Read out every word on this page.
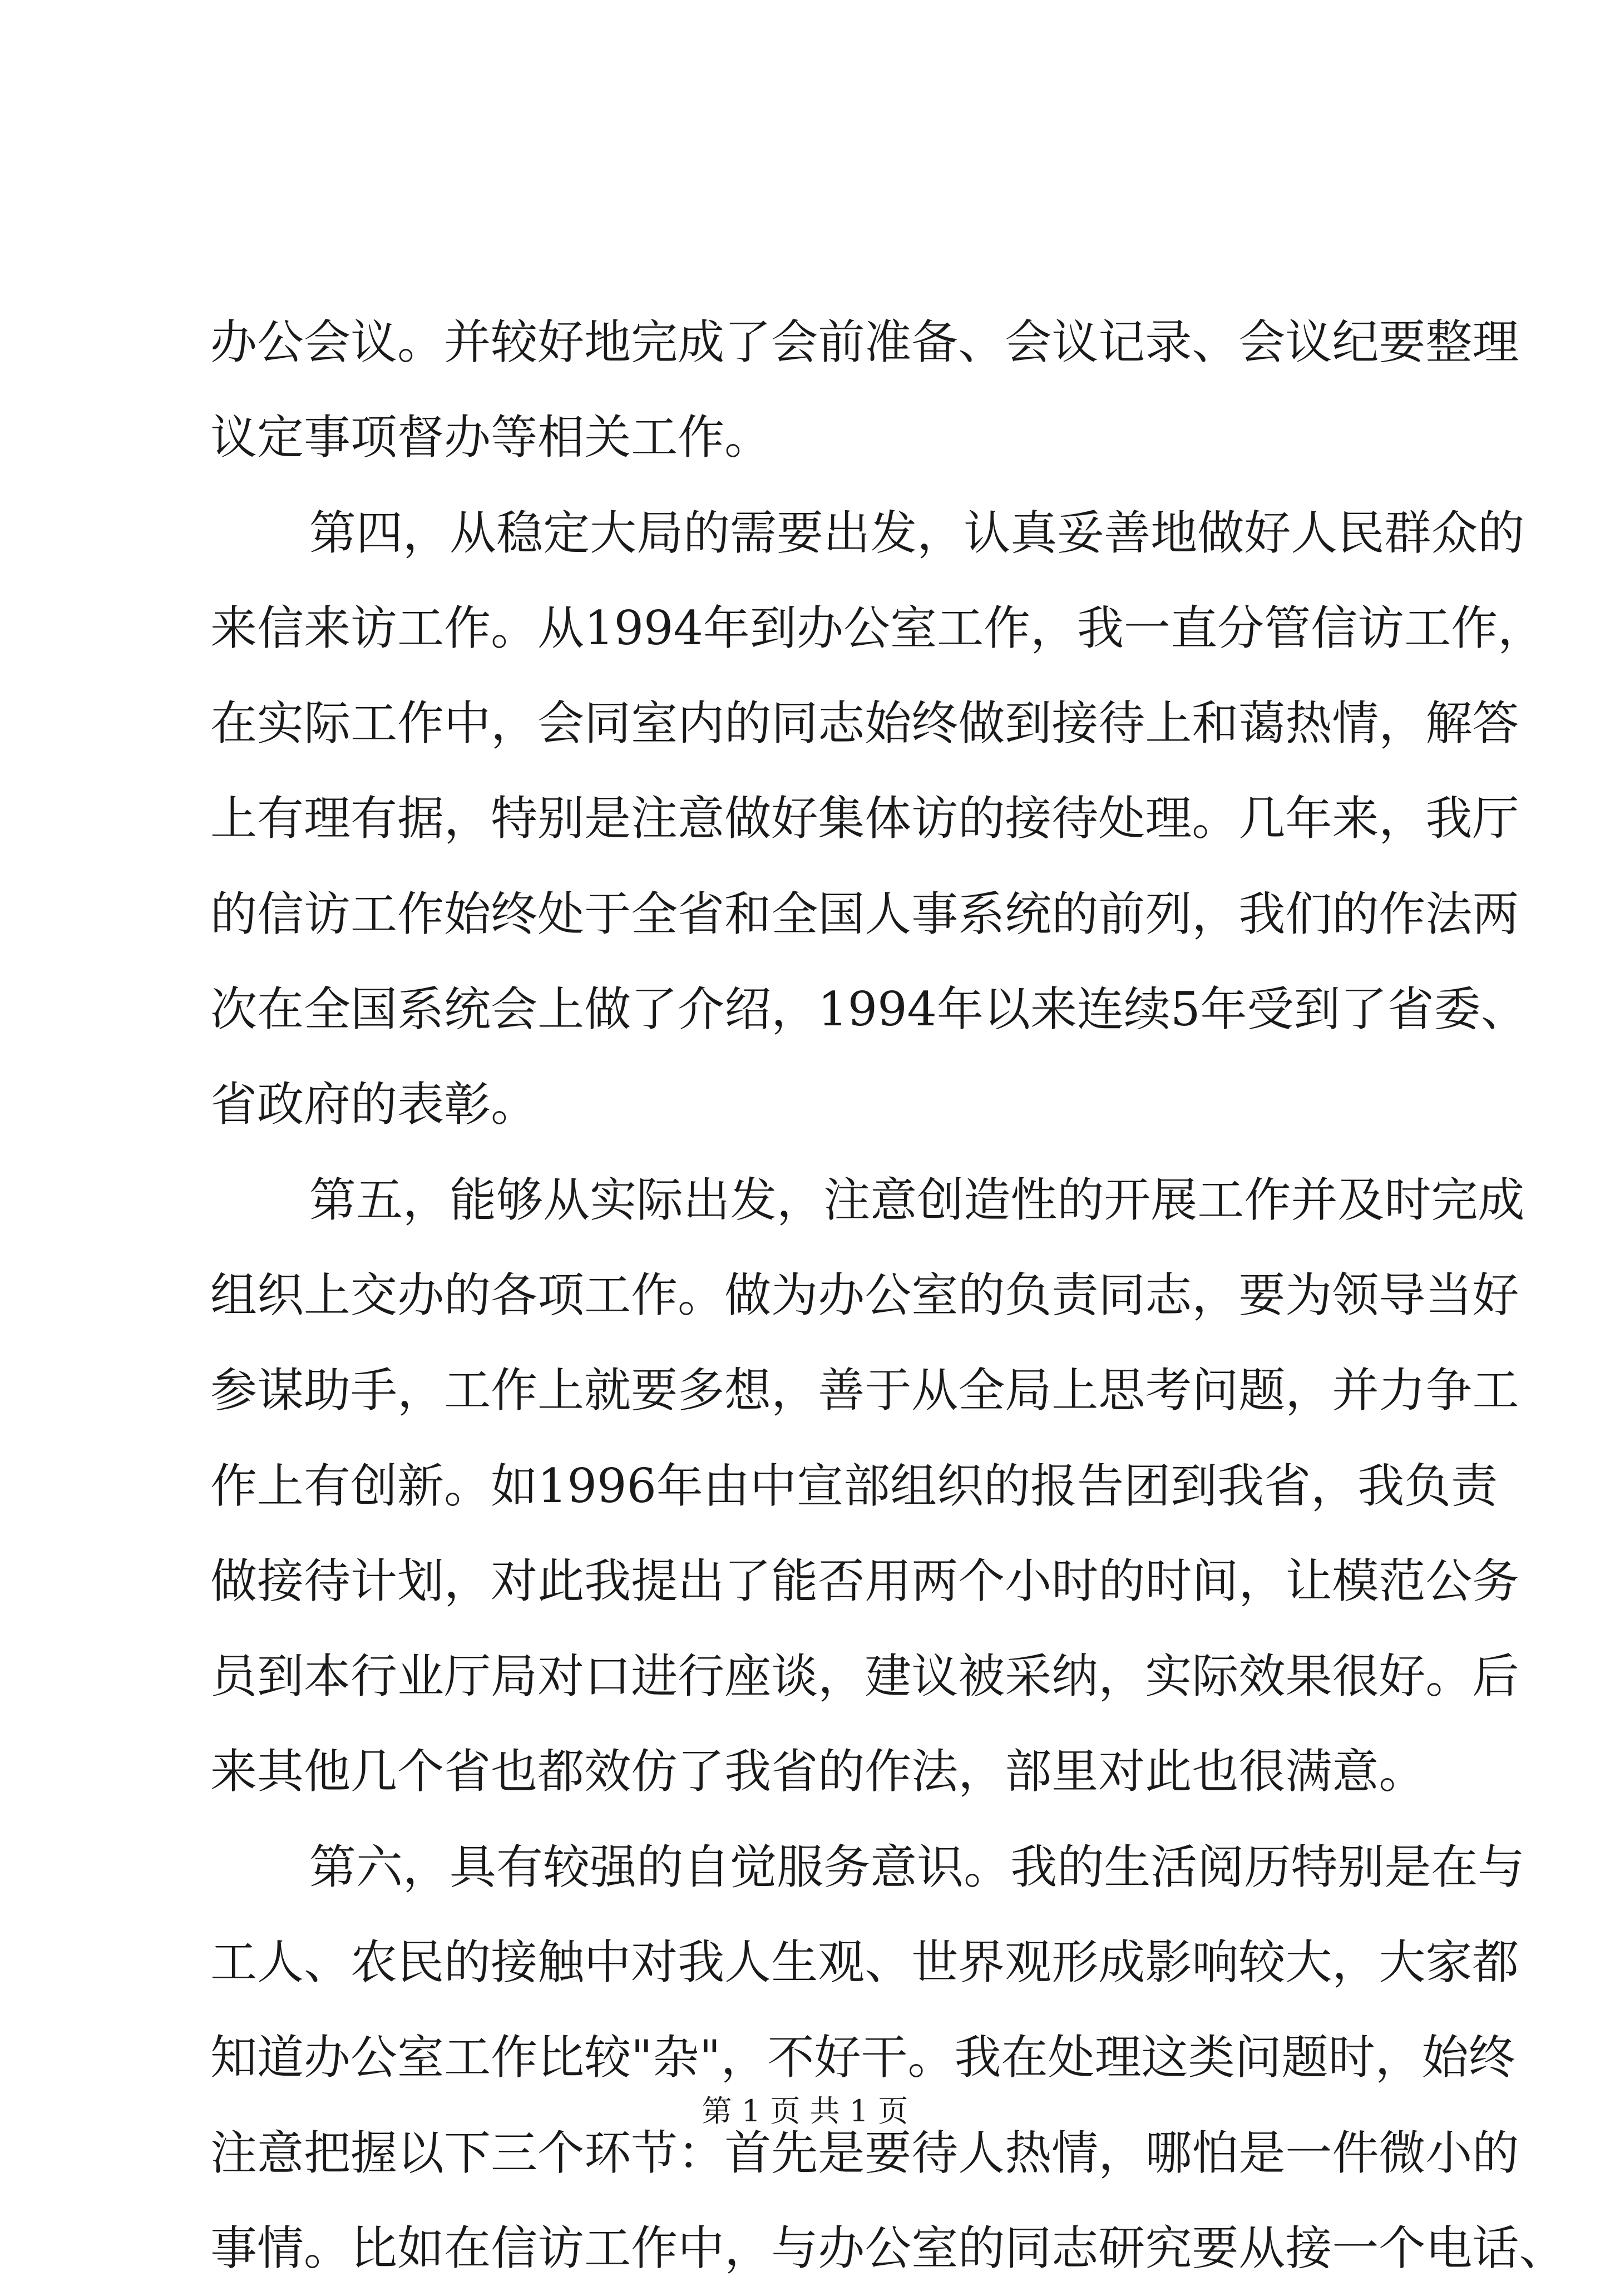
办 公 会 议 。 并 较 好 地 完 成 了 会 前 准 备 、 会 议 记 录 、 会 议 纪 要 整 理
议 定 事 项 督 办 等 相 关 工 作 。
第 四 ， 从 稳 定 大 局 的 需 要 出 发 ， 认 真 妥 善 地 做 好 人 民 群 众 的
来 信 来 访 工 作 。 从 1994 年 到 办 公 室 工 作 ， 我 一 直 分 管 信 访 工 作 ，
在 实 际 工 作 中 ， 会 同 室 内 的 同 志 始 终 做 到 接 待 上 和 蔼 热 情 ， 解 答
上 有 理 有 据 ， 特 别 是 注 意 做 好 集 体 访 的 接 待 处 理 。 几 年 来 ， 我 厅
的 信 访 工 作 始 终 处 于 全 省 和 全 国 人 事 系 统 的 前 列 ， 我 们 的 作 法 两
次 在 全 国 系 统 会 上 做 了 介 绍 ， 1994 年 以 来 连 续 5 年 受 到 了 省 委 、
省 政 府 的 表 彰 。
第 五 ， 能 够 从 实 际 出 发 ， 注 意 创 造 性 的 开 展 工 作 并 及 时 完 成
组 织 上 交 办 的 各 项 工 作 。 做 为 办 公 室 的 负 责 同 志 ， 要 为 领 导 当 好
参 谋 助 手 ， 工 作 上 就 要 多 想 ， 善 于 从 全 局 上 思 考 问 题 ， 并 力 争 工
作 上 有 创 新 。 如 1996 年 由 中 宣 部 组 织 的 报 告 团 到 我 省 ， 我 负 责
做 接 待 计 划 ， 对 此 我 提 出 了 能 否 用 两 个 小 时 的 时 间 ， 让 模 范 公 务
员 到 本 行 业 厅 局 对 口 进 行 座 谈 ， 建 议 被 采 纳 ， 实 际 效 果 很 好 。 后
来 其 他 几 个 省 也 都 效 仿 了 我 省 的 作 法 ， 部 里 对 此 也 很 满 意 。
第 六 ， 具 有 较 强 的 自 觉 服 务 意 识 。 我 的 生 活 阅 历 特 别 是 在 与
工 人 、 农 民 的 接 触 中 对 我 人 生 观 、 世 界 观 形 成 影 响 较 大 ， 大 家 都
知 道 办 公 室 工 作 比 较 " 杂 " ， 不 好 干 。 我 在 处 理 这 类 问 题 时 ， 始 终
注 意 把 握 以 下 三 个 环 节 ： 首 先 是 要 待 人 热 情 ， 哪 怕 是 一 件 微 小 的
事 情 。 比 如 在 信 访 工 作 中 ， 与 办 公 室 的 同 志 研 究 要 从 接 一 个 电 话 、
第 1 页 共 1 页
